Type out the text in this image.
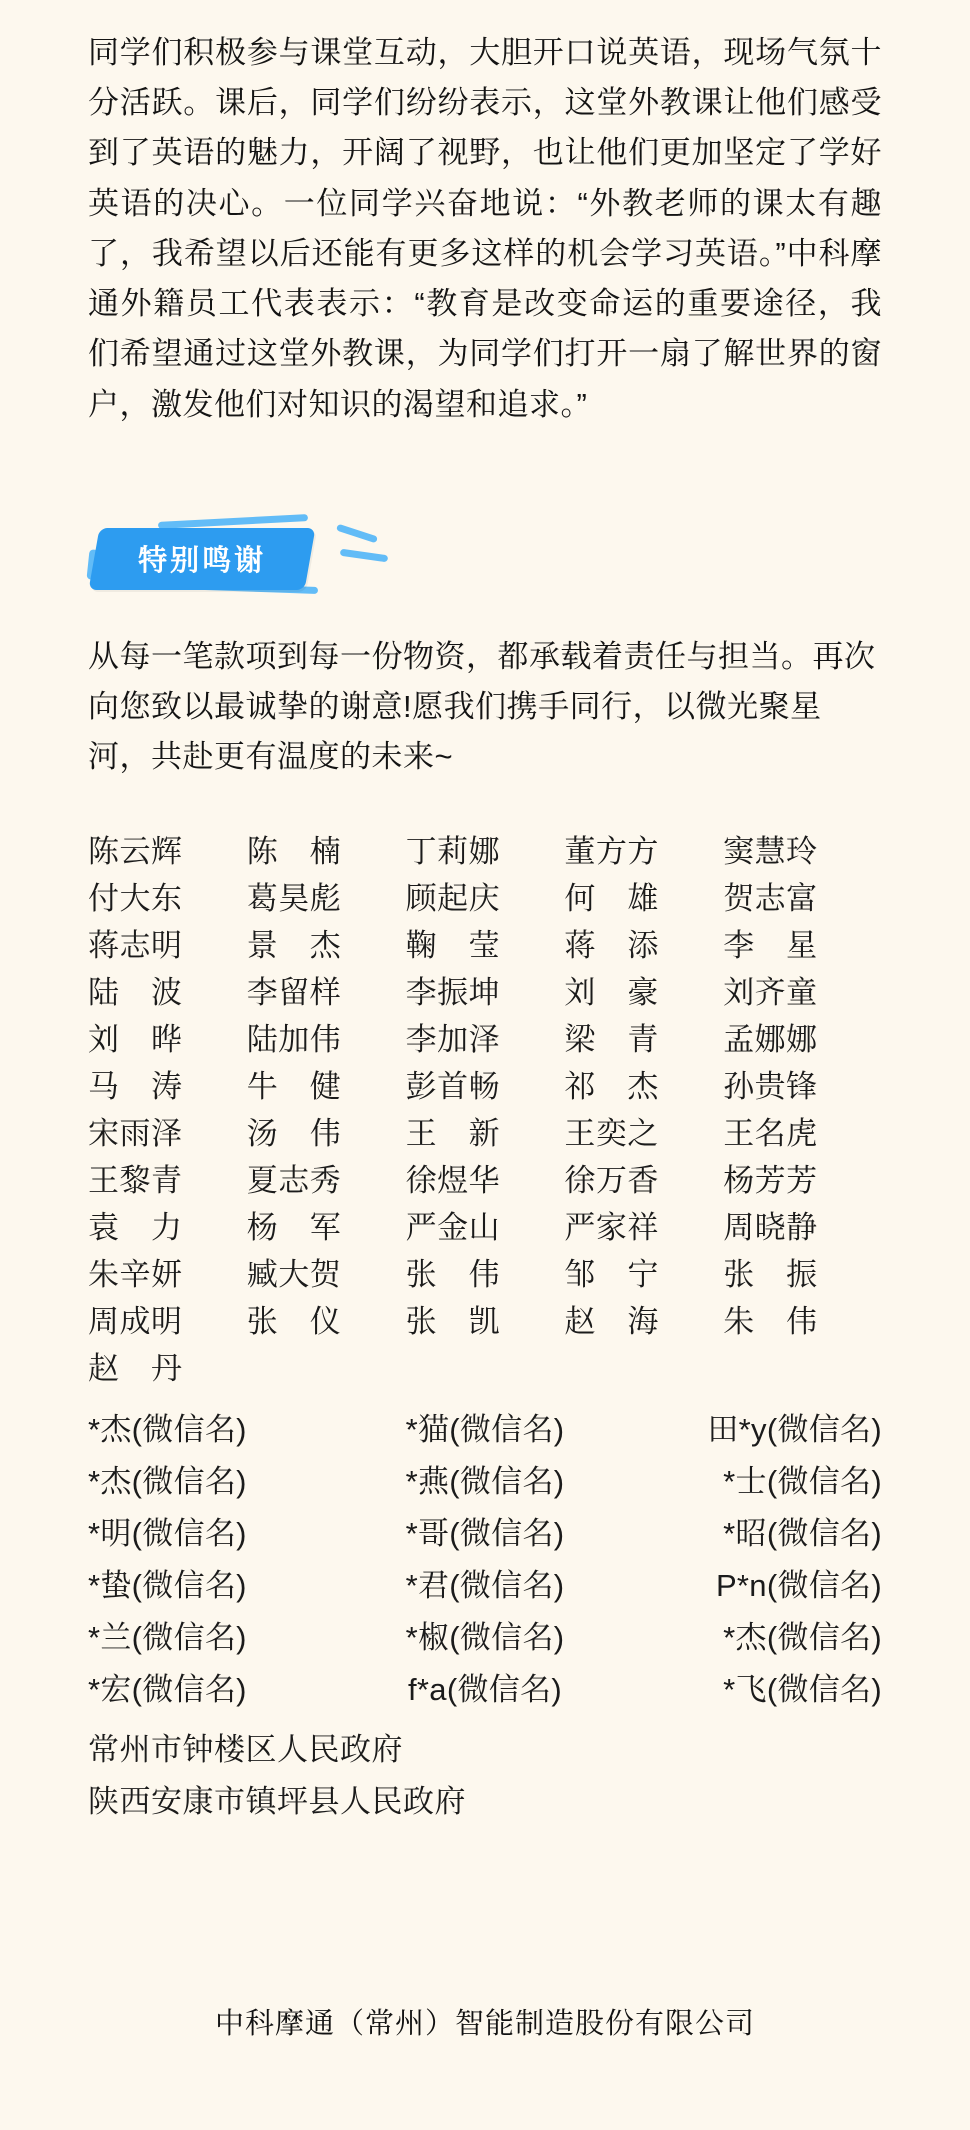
同学们积极参与课堂互动，大胆开口说英语，现场气氛十分活跃。课后，同学们纷纷表示，这堂外教课让他们感受到了英语的魅力，开阔了视野，也让他们更加坚定了学好英语的决心。一位同学兴奋地说：“外教老师的课太有趣了，我希望以后还能有更多这样的机会学习英语。”中科摩通外籍员工代表表示：“教育是改变命运的重要途径，我们希望通过这堂外教课，为同学们打开一扇了解世界的窗户，激发他们对知识的渴望和追求。”

特别鸣谢

从每一笔款项到每一份物资，都承载着责任与担当。再次向您致以最诚挚的谢意!愿我们携手同行，以微光聚星河，共赴更有温度的未来~

陈云辉	陈　楠	丁莉娜	董方方	窦慧玲
付大东	葛昊彪	顾起庆	何　雄	贺志富
蒋志明	景　杰	鞠　莹	蒋　添	李　星
陆　波	李留样	李振坤	刘　豪	刘齐童
刘　晔	陆加伟	李加泽	梁　青	孟娜娜
马　涛	牛　健	彭首畅	祁　杰	孙贵锋
宋雨泽	汤　伟	王　新	王奕之	王名虎
王黎青	夏志秀	徐煜华	徐万香	杨芳芳
袁　力	杨　军	严金山	严家祥	周晓静
朱辛妍	臧大贺	张　伟	邹　宁	张　振
周成明	张　仪	张　凯	赵　海	朱　伟
赵　丹
*杰(微信名)	*猫(微信名)	田*y(微信名)
*杰(微信名)	*燕(微信名)	*士(微信名)
*明(微信名)	*哥(微信名)	*昭(微信名)
*蛰(微信名)	*君(微信名)	P*n(微信名)
*兰(微信名)	*椒(微信名)	*杰(微信名)
*宏(微信名)	f*a(微信名)	*飞(微信名)
常州市钟楼区人民政府
陕西安康市镇坪县人民政府
中科摩通（常州）智能制造股份有限公司
